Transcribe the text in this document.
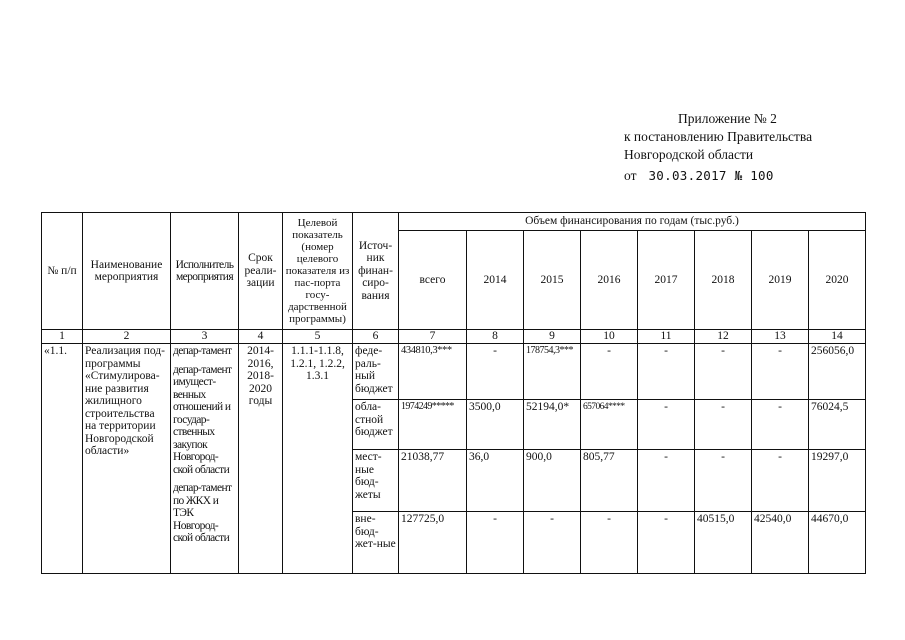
Приложение № 2
к постановлению Правительства
Новгородской области
от 30.03.2017 № 100
№ п/п	Наименование мероприятия	Исполнитель мероприятия	Срок реали-зации	Целевой показатель (номер целевого показателя из пас-порта госу-дарственной программы)	Источ-ник финан-сиро-вания	Объем финансирования по годам (тыс.руб.)							
						всего	2014	2015	2016	2017	2018	2019	2020
1	2	3	4	5	6	7	8	9	10	11	12	13	14
«1.1.	Реализация под-программы «Стимулирова-ние развития жилищного строительства на территории Новгородской области»	депар-тамент
депар-тамент имущест-венных отношений и государ-ственных закупок Новгород-ской области
депар-тамент по ЖКХ и ТЭК Новгород-ской области	2014-2016, 2018-2020 годы	1.1.1-1.1.8, 1.2.1, 1.2.2, 1.3.1	феде-раль-ный бюджет	434810,3***	-	178754,3***	-	-	-	-	256056,0
					обла-стной бюджет	1974249*****	3500,0	52194,0*	657064****	-	-	-	76024,5
					мест-ные бюд-жеты	21038,77	36,0	900,0	805,77	-	-	-	19297,0
					вне-бюд-жет-ные	127725,0	-	-	-	-	40515,0	42540,0	44670,0
